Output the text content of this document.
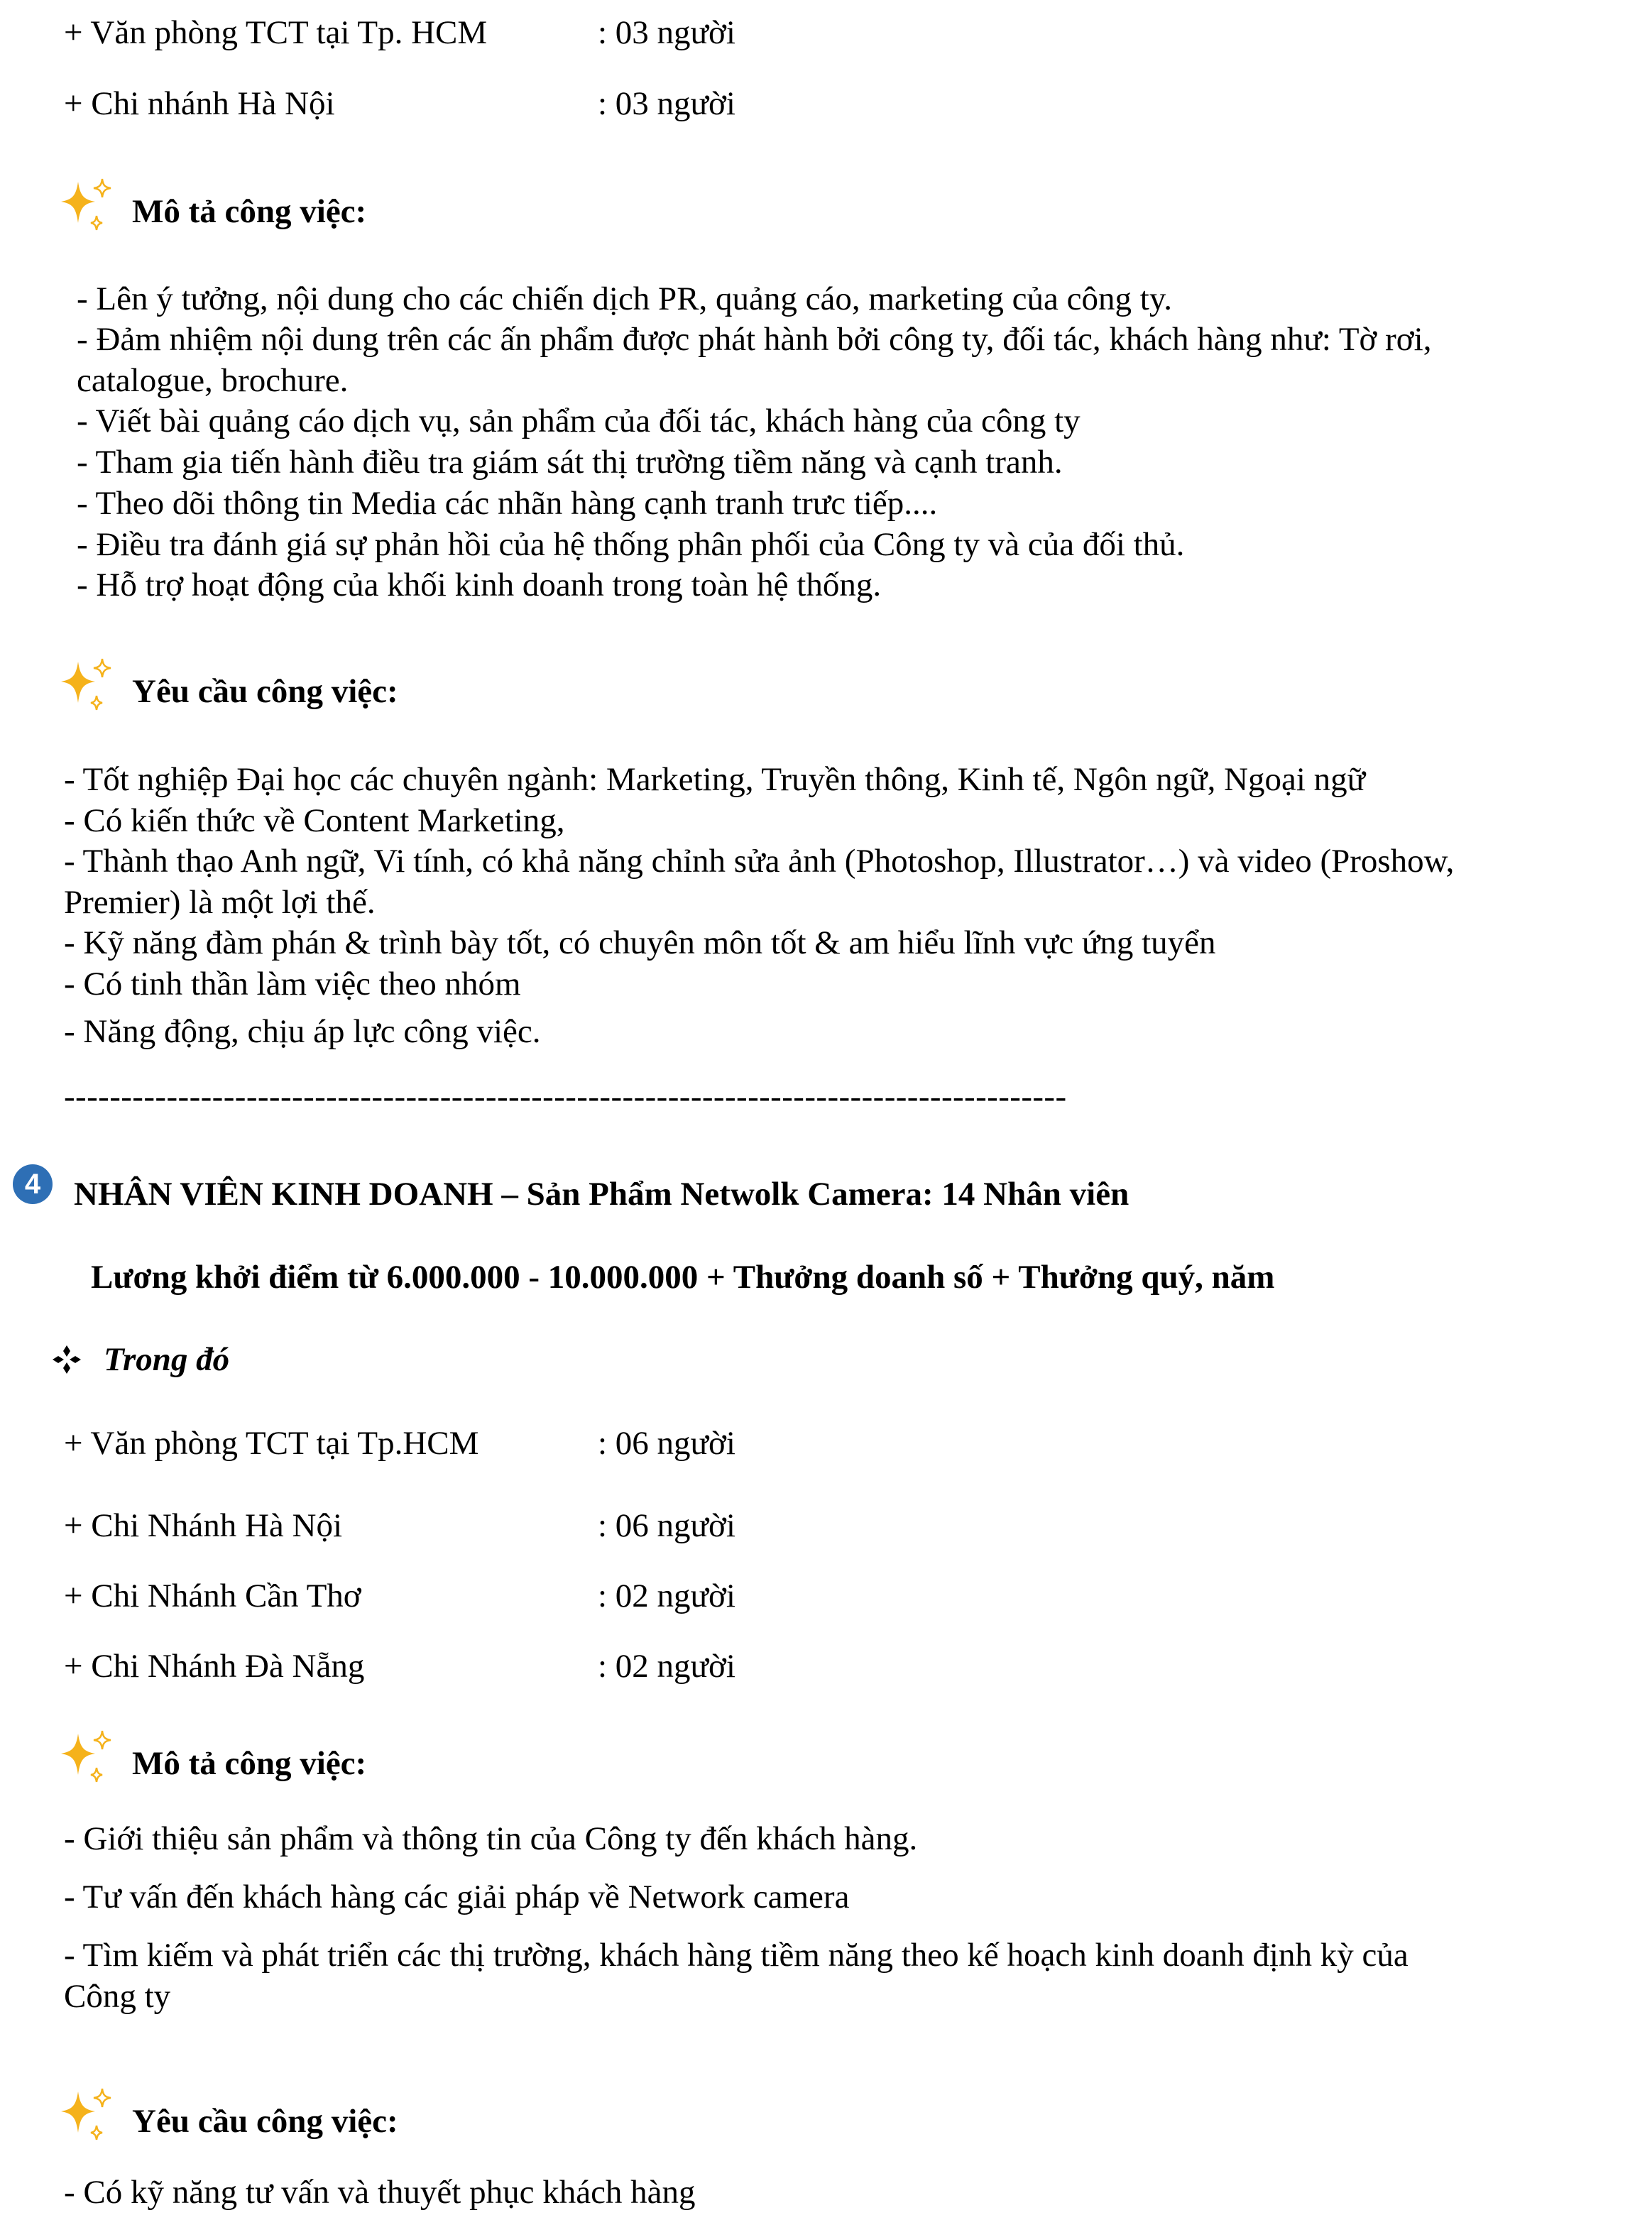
+ Văn phòng TCT tại Tp. HCM	: 03 người
+ Chi nhánh Hà Nội	: 03 người
Mô tả công việc:
- Lên ý tưởng, nội dung cho các chiến dịch PR, quảng cáo, marketing của công ty.
- Đảm nhiệm nội dung trên các ấn phẩm được phát hành bởi công ty, đối tác, khách hàng như: Tờ rơi,
catalogue, brochure.
- Viết bài quảng cáo dịch vụ, sản phẩm của đối tác, khách hàng của công ty
- Tham gia tiến hành điều tra giám sát thị trường tiềm năng và cạnh tranh.
- Theo dõi thông tin Media các nhãn hàng cạnh tranh trưc tiếp....
- Điều tra đánh giá sự phản hồi của hệ thống phân phối của Công ty và của đối thủ.
- Hỗ trợ hoạt động của khối kinh doanh trong toàn hệ thống.
Yêu cầu công việc:
- Tốt nghiệp Đại học các chuyên ngành: Marketing, Truyền thông, Kinh tế, Ngôn ngữ, Ngoại ngữ
- Có kiến thức về Content Marketing,
- Thành thạo Anh ngữ, Vi tính, có khả năng chỉnh sửa ảnh (Photoshop, Illustrator…) và video (Proshow,
Premier) là một lợi thế.
- Kỹ năng đàm phán & trình bày tốt, có chuyên môn tốt & am hiểu lĩnh vực ứng tuyển
- Có tinh thần làm việc theo nhóm
- Năng động, chịu áp lực công việc.
----------------------------------------------------------------------------------------
4 NHÂN VIÊN KINH DOANH – Sản Phẩm Netwolk Camera: 14 Nhân viên
Lương khởi điểm từ 6.000.000 - 10.000.000 + Thưởng doanh số + Thưởng quý, năm
Trong đó
+ Văn phòng TCT tại Tp.HCM	: 06 người
+ Chi Nhánh Hà Nội	: 06 người
+ Chi Nhánh Cần Thơ	: 02 người
+ Chi Nhánh Đà Nẵng	: 02 người
Mô tả công việc:
- Giới thiệu sản phẩm và thông tin của Công ty đến khách hàng.
- Tư vấn đến khách hàng các giải pháp về Network camera
- Tìm kiếm và phát triển các thị trường, khách hàng tiềm năng theo kế hoạch kinh doanh định kỳ của
Công ty
Yêu cầu công việc:
- Có kỹ năng tư vấn và thuyết phục khách hàng
